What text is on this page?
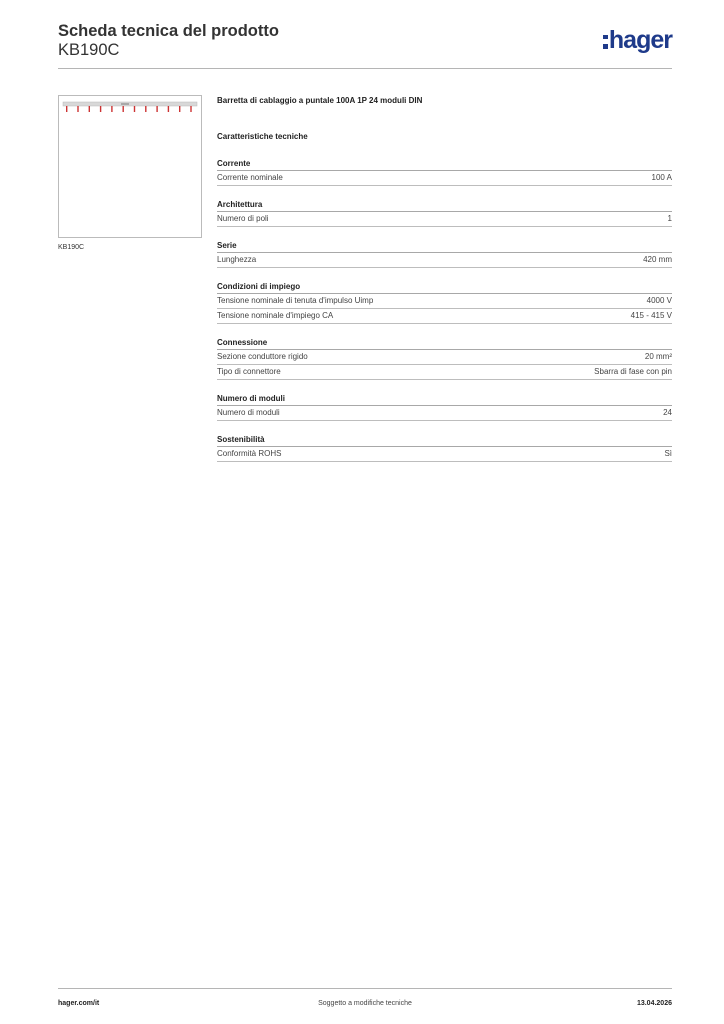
Scheda tecnica del prodotto
KB190C	hager
KB190C
Barretta di cablaggio a puntale 100A 1P 24 moduli DIN
Caratteristiche tecniche
Corrente
Corrente nominale	100 A
Architettura
Numero di poli	1
Serie
Lunghezza	420 mm
Condizioni di impiego
Tensione nominale di tenuta d'impulso Uimp	4000 V
Tensione nominale d'impiego CA	415 - 415 V
Connessione
Sezione conduttore rigido	20 mm²
Tipo di connettore	Sbarra di fase con pin
Numero di moduli
Numero di moduli	24
Sostenibilità
Conformità ROHS	Sì
hager.com/it	Soggetto a modifiche tecniche	13.04.2026
